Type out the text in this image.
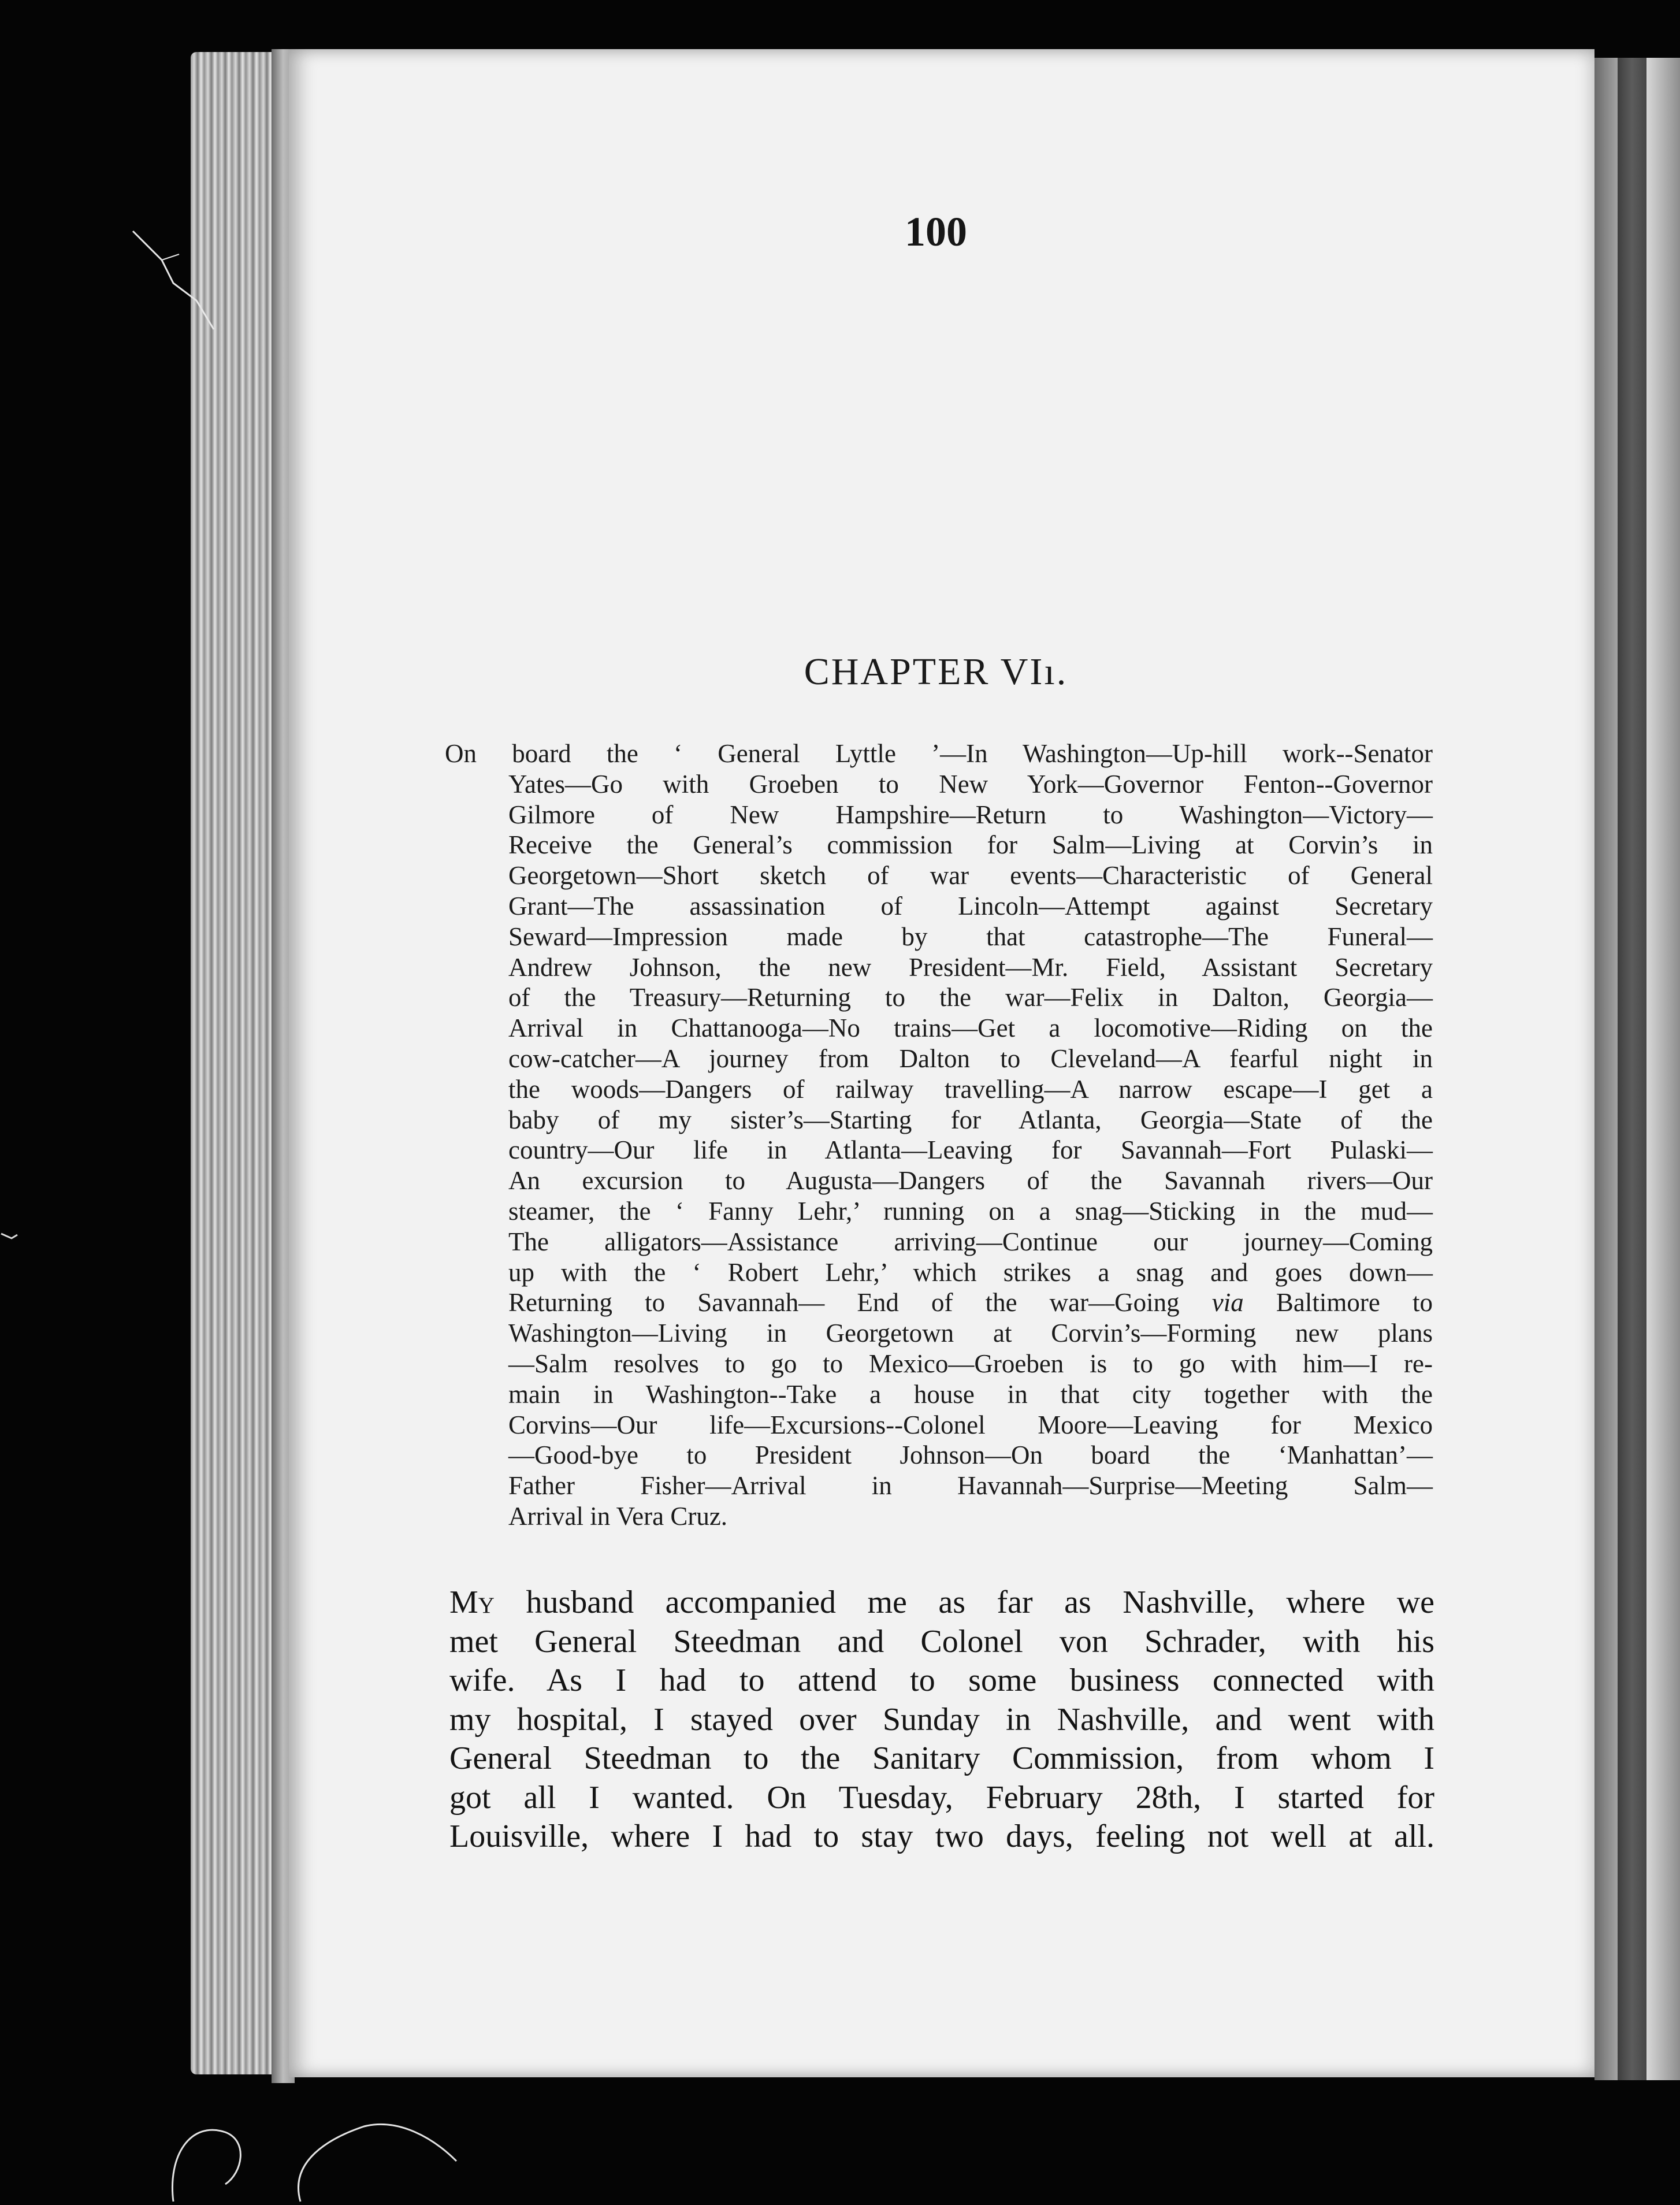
100
CHAPTER VIı.
On board the ‘ General Lyttle ’—In Washington—Up-hill work--Senator
Yates—Go with Groeben to New York—Governor Fenton--Governor
Gilmore of New Hampshire—Return to Washington—Victory—
Receive the General’s commission for Salm—Living at Corvin’s in
Georgetown—Short sketch of war events—Characteristic of General
Grant—The assassination of Lincoln—Attempt against Secretary
Seward—Impression made by that catastrophe—The Funeral—
Andrew Johnson, the new President—Mr. Field, Assistant Secretary
of the Treasury—Returning to the war—Felix in Dalton, Georgia—
Arrival in Chattanooga—No trains—Get a locomotive—Riding on the
cow-catcher—A journey from Dalton to Cleveland—A fearful night in
the woods—Dangers of railway travelling—A narrow escape—I get a
baby of my sister’s—Starting for Atlanta, Georgia—State of the
country—Our life in Atlanta—Leaving for Savannah—Fort Pulaski—
An excursion to Augusta—Dangers of the Savannah rivers—Our
steamer, the ‘ Fanny Lehr,’ running on a snag—Sticking in the mud—
The alligators—Assistance arriving—Continue our journey—Coming
up with the ‘ Robert Lehr,’ which strikes a snag and goes down—
Returning to Savannah— End of the war—Going via Baltimore to
Washington—Living in Georgetown at Corvin’s—Forming new plans
—Salm resolves to go to Mexico—Groeben is to go with him—I re-
main in Washington--Take a house in that city together with the
Corvins—Our life—Excursions--Colonel Moore—Leaving for Mexico
—Good-bye to President Johnson—On board the ‘Manhattan’—
Father Fisher—Arrival in Havannah—Surprise—Meeting Salm—
Arrival in Vera Cruz.
My husband accompanied me as far as Nashville, where we
met General Steedman and Colonel von Schrader, with his
wife. As I had to attend to some business connected with
my hospital, I stayed over Sunday in Nashville, and went with
General Steedman to the Sanitary Commission, from whom I
got all I wanted. On Tuesday, February 28th, I started for
Louisville, where I had to stay two days, feeling not well at all.
